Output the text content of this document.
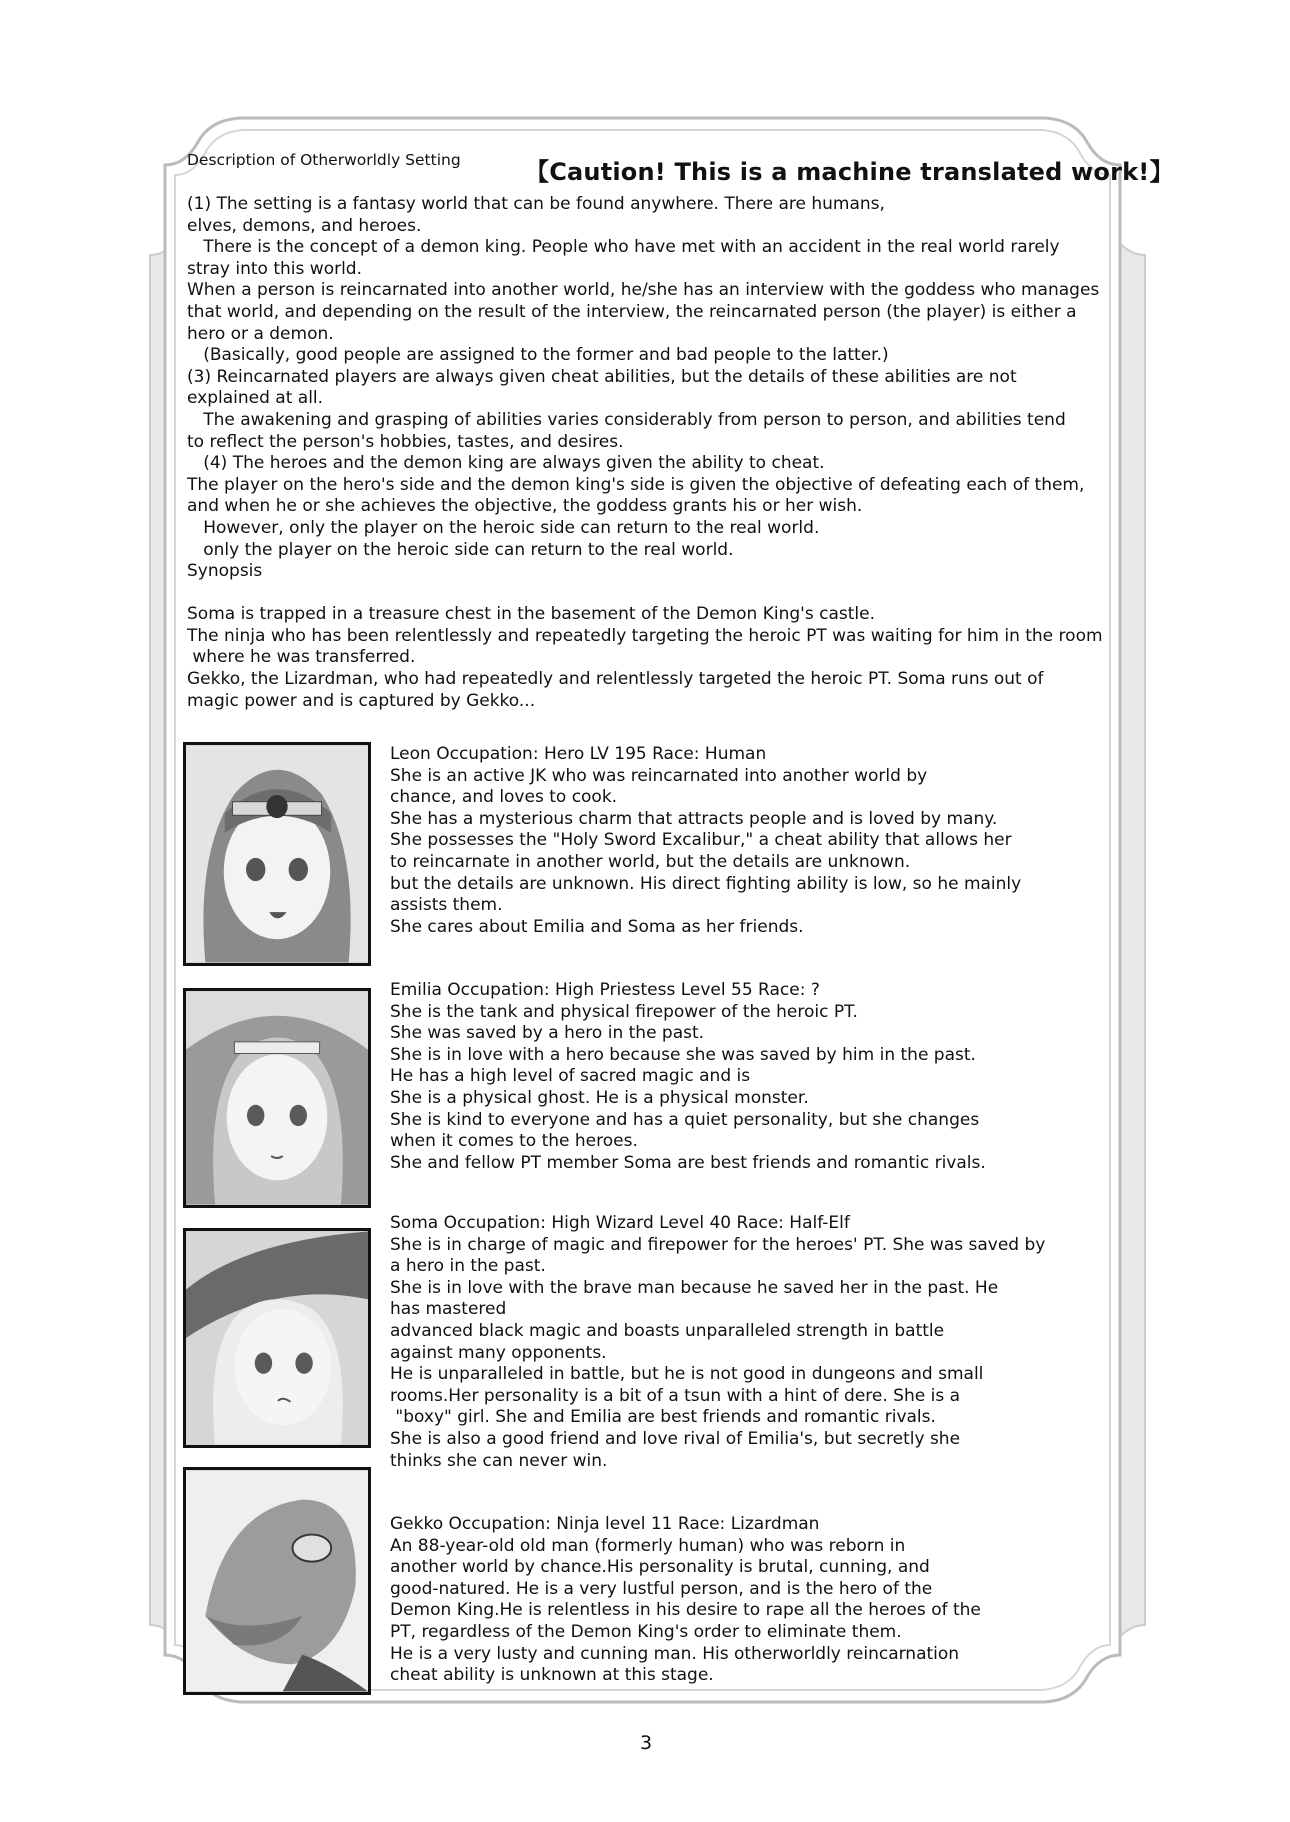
Description of Otherworldly Setting	【Caution! This is a machine translated work!】
(1) The setting is a fantasy world that can be found anywhere. There are humans,
elves, demons, and heroes.
There is the concept of a demon king. People who have met with an accident in the real world rarely
stray into this world.
When a person is reincarnated into another world, he/she has an interview with the goddess who manages
that world, and depending on the result of the interview, the reincarnated person (the player) is either a
hero or a demon.
(Basically, good people are assigned to the former and bad people to the latter.)
(3) Reincarnated players are always given cheat abilities, but the details of these abilities are not
explained at all.
The awakening and grasping of abilities varies considerably from person to person, and abilities tend
to reflect the person's hobbies, tastes, and desires.
(4) The heroes and the demon king are always given the ability to cheat.
The player on the hero's side and the demon king's side is given the objective of defeating each of them,
and when he or she achieves the objective, the goddess grants his or her wish.
However, only the player on the heroic side can return to the real world.
only the player on the heroic side can return to the real world.
Synopsis

Soma is trapped in a treasure chest in the basement of the Demon King's castle.
The ninja who has been relentlessly and repeatedly targeting the heroic PT was waiting for him in the room
where he was transferred.
Gekko, the Lizardman, who had repeatedly and relentlessly targeted the heroic PT. Soma runs out of
magic power and is captured by Gekko...
Leon Occupation: Hero LV 195 Race: Human
She is an active JK who was reincarnated into another world by
chance, and loves to cook.
She has a mysterious charm that attracts people and is loved by many.
She possesses the "Holy Sword Excalibur," a cheat ability that allows her
to reincarnate in another world, but the details are unknown.
but the details are unknown. His direct fighting ability is low, so he mainly
assists them.
She cares about Emilia and Soma as her friends.
Emilia Occupation: High Priestess Level 55 Race: ?
She is the tank and physical firepower of the heroic PT.
She was saved by a hero in the past.
She is in love with a hero because she was saved by him in the past.
He has a high level of sacred magic and is
She is a physical ghost. He is a physical monster.
She is kind to everyone and has a quiet personality, but she changes
when it comes to the heroes.
She and fellow PT member Soma are best friends and romantic rivals.
Soma Occupation: High Wizard Level 40 Race: Half-Elf
She is in charge of magic and firepower for the heroes' PT. She was saved by
a hero in the past.
She is in love with the brave man because he saved her in the past. He
has mastered
advanced black magic and boasts unparalleled strength in battle
against many opponents.
He is unparalleled in battle, but he is not good in dungeons and small
rooms.Her personality is a bit of a tsun with a hint of dere. She is a
"boxy" girl. She and Emilia are best friends and romantic rivals.
She is also a good friend and love rival of Emilia's, but secretly she
thinks she can never win.
Gekko Occupation: Ninja level 11 Race: Lizardman
An 88-year-old old man (formerly human) who was reborn in
another world by chance.His personality is brutal, cunning, and
good-natured. He is a very lustful person, and is the hero of the
Demon King.He is relentless in his desire to rape all the heroes of the
PT, regardless of the Demon King's order to eliminate them.
He is a very lusty and cunning man. His otherworldly reincarnation
cheat ability is unknown at this stage.
3
